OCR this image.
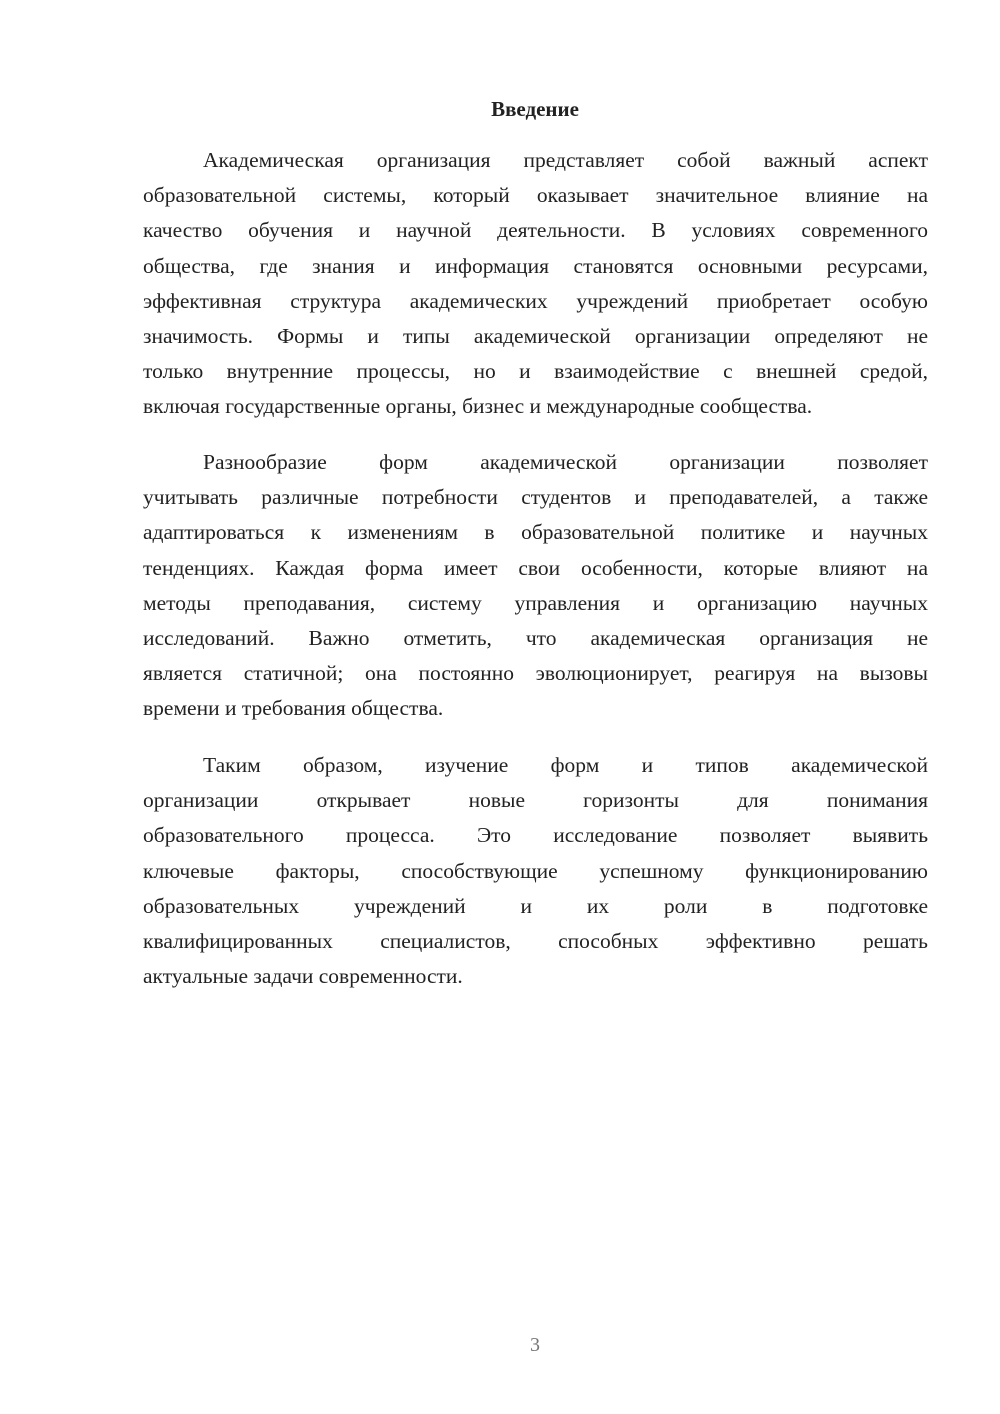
Введение
Академическая организация представляет собой важный аспект
образовательной системы, который оказывает значительное влияние на
качество обучения и научной деятельности. В условиях современного
общества, где знания и информация становятся основными ресурсами,
эффективная структура академических учреждений приобретает особую
значимость. Формы и типы академической организации определяют не
только внутренние процессы, но и взаимодействие с внешней средой,
включая государственные органы, бизнес и международные сообщества.
Разнообразие форм академической организации позволяет
учитывать различные потребности студентов и преподавателей, а также
адаптироваться к изменениям в образовательной политике и научных
тенденциях. Каждая форма имеет свои особенности, которые влияют на
методы преподавания, систему управления и организацию научных
исследований. Важно отметить, что академическая организация не
является статичной; она постоянно эволюционирует, реагируя на вызовы
времени и требования общества.
Таким образом, изучение форм и типов академической
организации открывает новые горизонты для понимания
образовательного процесса. Это исследование позволяет выявить
ключевые факторы, способствующие успешному функционированию
образовательных учреждений и их роли в подготовке
квалифицированных специалистов, способных эффективно решать
актуальные задачи современности.
3
